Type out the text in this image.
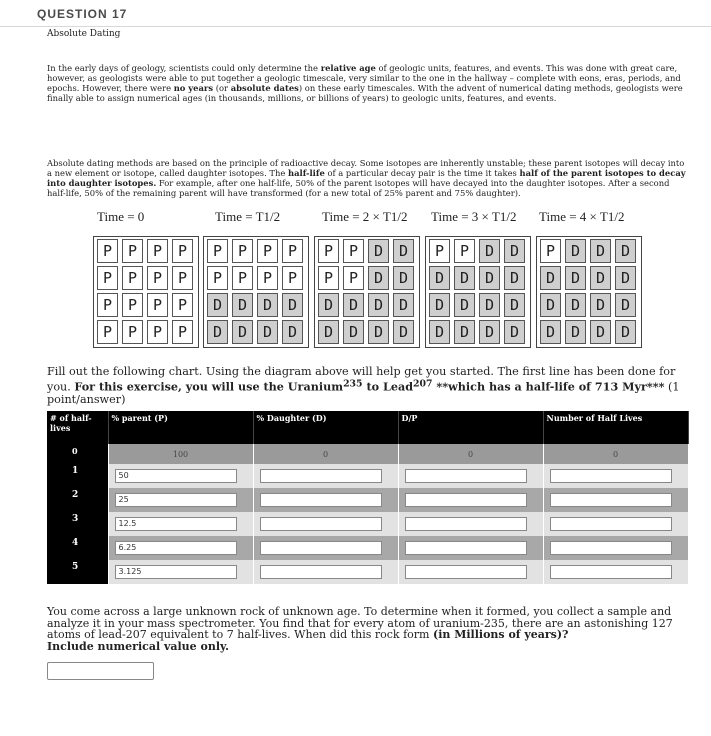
QUESTION 17
Absolute Dating
In the early days of geology, scientists could only determine the relative age of geologic units, features, and events. This was done with great care, however, as geologists were able to put together a geologic timescale, very similar to the one in the hallway – complete with eons, eras, periods, and epochs. However, there were no years (or absolute dates) on these early timescales. With the advent of numerical dating methods, geologists were finally able to assign numerical ages (in thousands, millions, or billions of years) to geologic units, features, and events.
Absolute dating methods are based on the principle of radioactive decay. Some isotopes are inherently unstable; these parent isotopes will decay into a new element or isotope, called daughter isotopes. The half-life of a particular decay pair is the time it takes half of the parent isotopes to decay into daughter isotopes. For example, after one half-life, 50% of the parent isotopes will have decayed into the daughter isotopes. After a second half-life, 50% of the remaining parent will have transformed (for a new total of 25% parent and 75% daughter).
Time = 0	Time = T1/2	Time = 2 × T1/2 Time = 3 × T1/2 Time = 4 × T1/2
P	P	P	P
P	P	P	P
P	P	P	P
P	P	P	P
P	P	P	P
P	P	P	P
D	D	D	D
D	D	D	D
P	P	D	D
P	P	D	D
D	D	D	D
D	D	D	D
P	P	D	D
D	D	D	D
D	D	D	D
D	D	D	D
P	D	D	D
D	D	D	D
D	D	D	D
D	D	D	D
Fill out the following chart. Using the diagram above will help get you started. The first line has been done for you. For this exercise, you will use the Uranium$^{235}$ to Lead$^{207}$ **which has a half-life of 713 Myr*** (1 point/answer)
# of half-lives	% parent (P)	% Daughter (D)	D/P	Number of Half Lives
0	100	0	0	0
1	50			

2	25			

3	12.5			

4	6.25			

5	3.125			

You come across a large unknown rock of unknown age. To determine when it formed, you collect a sample and analyze it in your mass spectrometer. You find that for every atom of uranium-235, there are an astonishing 127 atoms of lead-207 equivalent to 7 half-lives. When did this rock form (in Millions of years)?
Include numerical value only.
